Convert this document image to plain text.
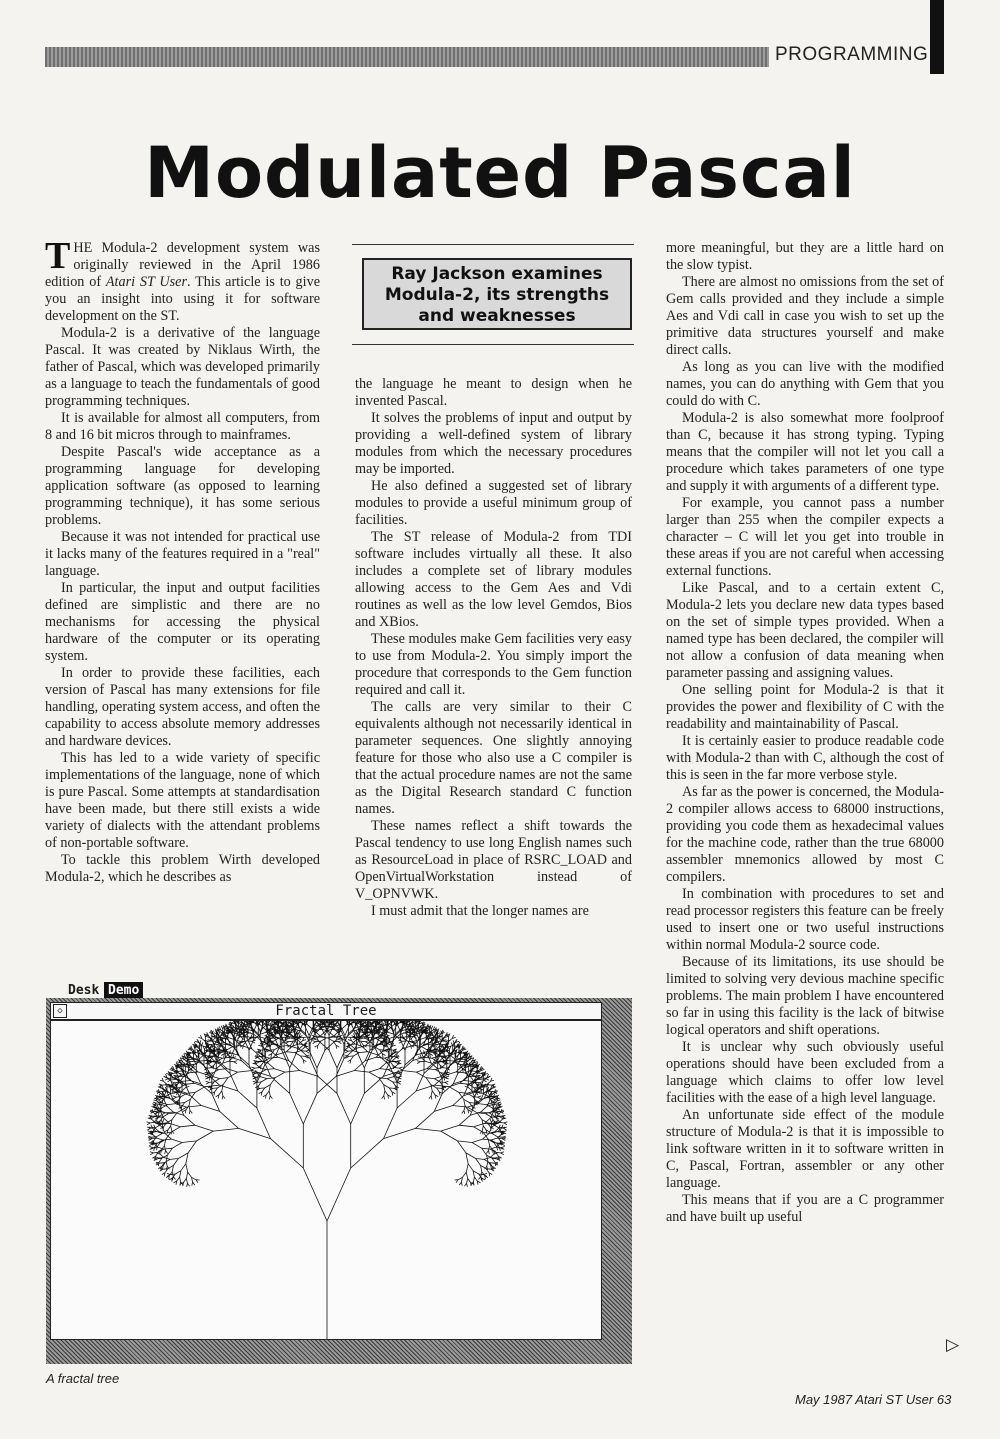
PROGRAMMING
Modulated Pascal

THE Modula-2 development system was originally reviewed in the April 1986 edition of Atari ST User. This article is to give you an insight into using it for software development on the ST.

Modula-2 is a derivative of the language Pascal. It was created by Niklaus Wirth, the father of Pascal, which was developed primarily as a language to teach the fundamentals of good programming techniques.

It is available for almost all computers, from 8 and 16 bit micros through to mainframes.

Despite Pascal's wide acceptance as a programming language for developing application software (as opposed to learning programming technique), it has some serious problems.

Because it was not intended for practical use it lacks many of the features required in a "real" language.

In particular, the input and output facilities defined are simplistic and there are no mechanisms for accessing the physical hardware of the computer or its operating system.

In order to provide these facilities, each version of Pascal has many extensions for file handling, operating system access, and often the capability to access absolute memory addresses and hardware devices.

This has led to a wide variety of specific implementations of the language, none of which is pure Pascal. Some attempts at standardisation have been made, but there still exists a wide variety of dialects with the attendant problems of non-portable software.

To tackle this problem Wirth developed Modula-2, which he describes as

Ray Jackson examines Modula-2, its strengths and weaknesses

the language he meant to design when he invented Pascal.

It solves the problems of input and output by providing a well-defined system of library modules from which the necessary procedures may be imported.

He also defined a suggested set of library modules to provide a useful minimum group of facilities.

The ST release of Modula-2 from TDI software includes virtually all these. It also includes a complete set of library modules allowing access to the Gem Aes and Vdi routines as well as the low level Gemdos, Bios and XBios.

These modules make Gem facilities very easy to use from Modula-2. You simply import the procedure that corresponds to the Gem function required and call it.

The calls are very similar to their C equivalents although not necessarily identical in parameter sequences. One slightly annoying feature for those who also use a C compiler is that the actual procedure names are not the same as the Digital Research standard C function names.

These names reflect a shift towards the Pascal tendency to use long English names such as ResourceLoad in place of RSRC_LOAD and OpenVirtualWorkstation instead of V_OPNVWK.

I must admit that the longer names are

more meaningful, but they are a little hard on the slow typist.

There are almost no omissions from the set of Gem calls provided and they include a simple Aes and Vdi call in case you wish to set up the primitive data structures yourself and make direct calls.

As long as you can live with the modified names, you can do anything with Gem that you could do with C.

Modula-2 is also somewhat more foolproof than C, because it has strong typing. Typing means that the compiler will not let you call a procedure which takes parameters of one type and supply it with arguments of a different type.

For example, you cannot pass a number larger than 255 when the compiler expects a character – C will let you get into trouble in these areas if you are not careful when accessing external functions.

Like Pascal, and to a certain extent C, Modula-2 lets you declare new data types based on the set of simple types provided. When a named type has been declared, the compiler will not allow a confusion of data meaning when parameter passing and assigning values.

One selling point for Modula-2 is that it provides the power and flexibility of C with the readability and maintainability of Pascal.

It is certainly easier to produce readable code with Modula-2 than with C, although the cost of this is seen in the far more verbose style.

As far as the power is concerned, the Modula-2 compiler allows access to 68000 instructions, providing you code them as hexadecimal values for the machine code, rather than the true 68000 assembler mnemonics allowed by most C compilers.

In combination with procedures to set and read processor registers this feature can be freely used to insert one or two useful instructions within normal Modula-2 source code.

Because of its limitations, its use should be limited to solving very devious machine specific problems. The main problem I have encountered so far in using this facility is the lack of bitwise logical operators and shift operations.

It is unclear why such obviously useful operations should have been excluded from a language which claims to offer low level facilities with the ease of a high level language.

An unfortunate side effect of the module structure of Modula-2 is that it is impossible to link software written in it to software written in C, Pascal, Fortran, assembler or any other language.

This means that if you are a C programmer and have built up useful

▷
Desk Demo
◇	Fractal Tree
A fractal tree
May 1987 Atari ST User 63
